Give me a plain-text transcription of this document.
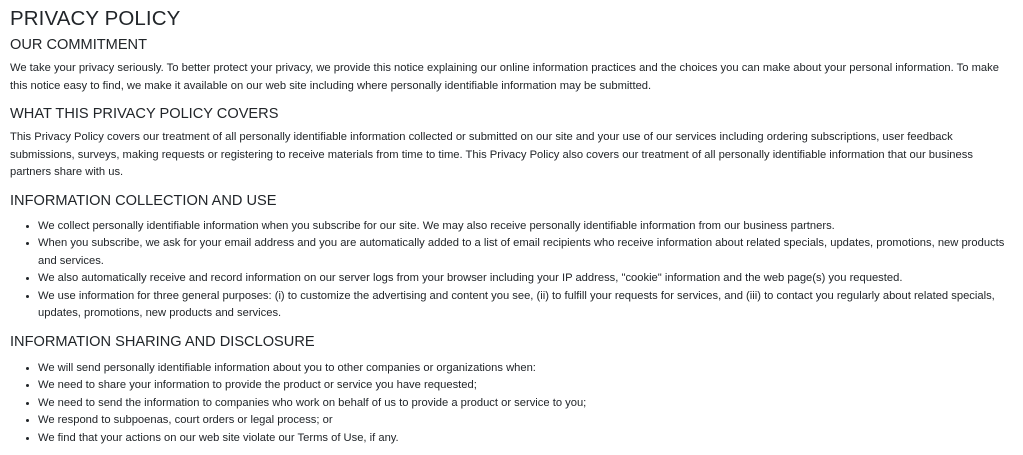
PRIVACY POLICY
OUR COMMITMENT

We take your privacy seriously. To better protect your privacy, we provide this notice explaining our online information practices and the choices you can make about your personal information. To make this notice easy to find, we make it available on our web site including where personally identifiable information may be submitted.

WHAT THIS PRIVACY POLICY COVERS

This Privacy Policy covers our treatment of all personally identifiable information collected or submitted on our site and your use of our services including ordering subscriptions, user feedback submissions, surveys, making requests or registering to receive materials from time to time. This Privacy Policy also covers our treatment of all personally identifiable information that our business partners share with us.

INFORMATION COLLECTION AND USE
• We collect personally identifiable information when you subscribe for our site. We may also receive personally identifiable information from our business partners.
• When you subscribe, we ask for your email address and you are automatically added to a list of email recipients who receive information about related specials, updates, promotions, new products and services.
• We also automatically receive and record information on our server logs from your browser including your IP address, "cookie" information and the web page(s) you requested.
• We use information for three general purposes: (i) to customize the advertising and content you see, (ii) to fulfill your requests for services, and (iii) to contact you regularly about related specials, updates, promotions, new products and services.
INFORMATION SHARING AND DISCLOSURE
• We will send personally identifiable information about you to other companies or organizations when:
• We need to share your information to provide the product or service you have requested;
• We need to send the information to companies who work on behalf of us to provide a product or service to you;
• We respond to subpoenas, court orders or legal process; or
• We find that your actions on our web site violate our Terms of Use, if any.
